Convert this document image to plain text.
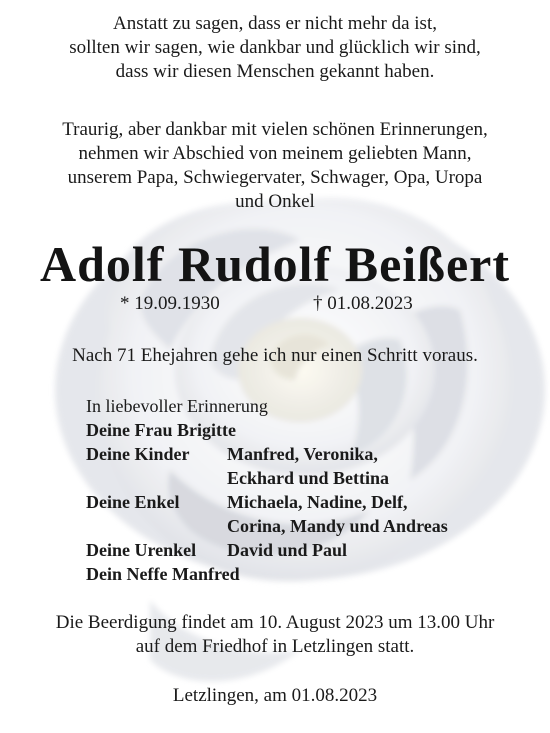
Anstatt zu sagen, dass er nicht mehr da ist,
sollten wir sagen, wie dankbar und glücklich wir sind,
dass wir diesen Menschen gekannt haben.
Traurig, aber dankbar mit vielen schönen Erinnerungen,
nehmen wir Abschied von meinem geliebten Mann,
unserem Papa, Schwiegervater, Schwager, Opa, Uropa
und Onkel
Adolf Rudolf Beißert
* 19.09.1930	† 01.08.2023
Nach 71 Ehejahren gehe ich nur einen Schritt voraus.
In liebevoller Erinnerung
Deine Frau Brigitte
Deine Kinder Manfred, Veronika,
Eckhard und Bettina
Deine Enkel	Michaela, Nadine, Delf,
Corina, Mandy und Andreas
Deine Urenkel David und Paul
Dein Neffe Manfred
Die Beerdigung findet am 10. August 2023 um 13.00 Uhr
auf dem Friedhof in Letzlingen statt.
Letzlingen, am 01.08.2023
